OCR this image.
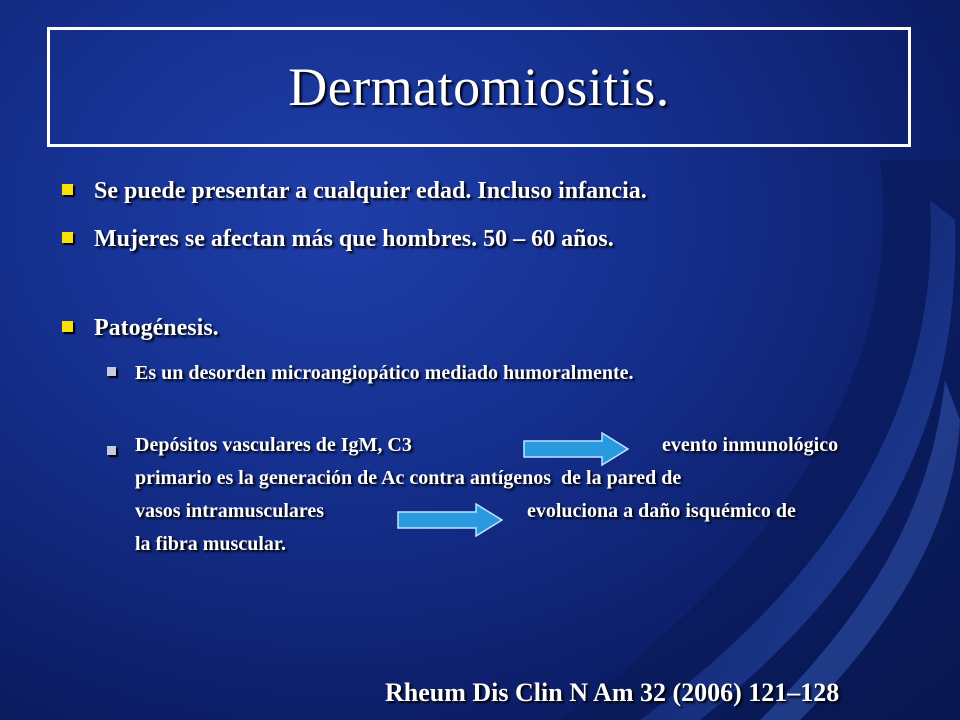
Dermatomiositis.
Se puede presentar a cualquier edad. Incluso infancia.
Mujeres se afectan más que hombres. 50 – 60 años.
Patogénesis.
Es un desorden microangiopático mediado humoralmente.
Depósitos vasculares de IgM, C3	evento inmunológico
primario es la generación de Ac contra antígenos  de la pared de
vasos intramusculares	evoluciona a daño isquémico de
la fibra muscular.
Rheum Dis Clin N Am 32 (2006) 121–128
